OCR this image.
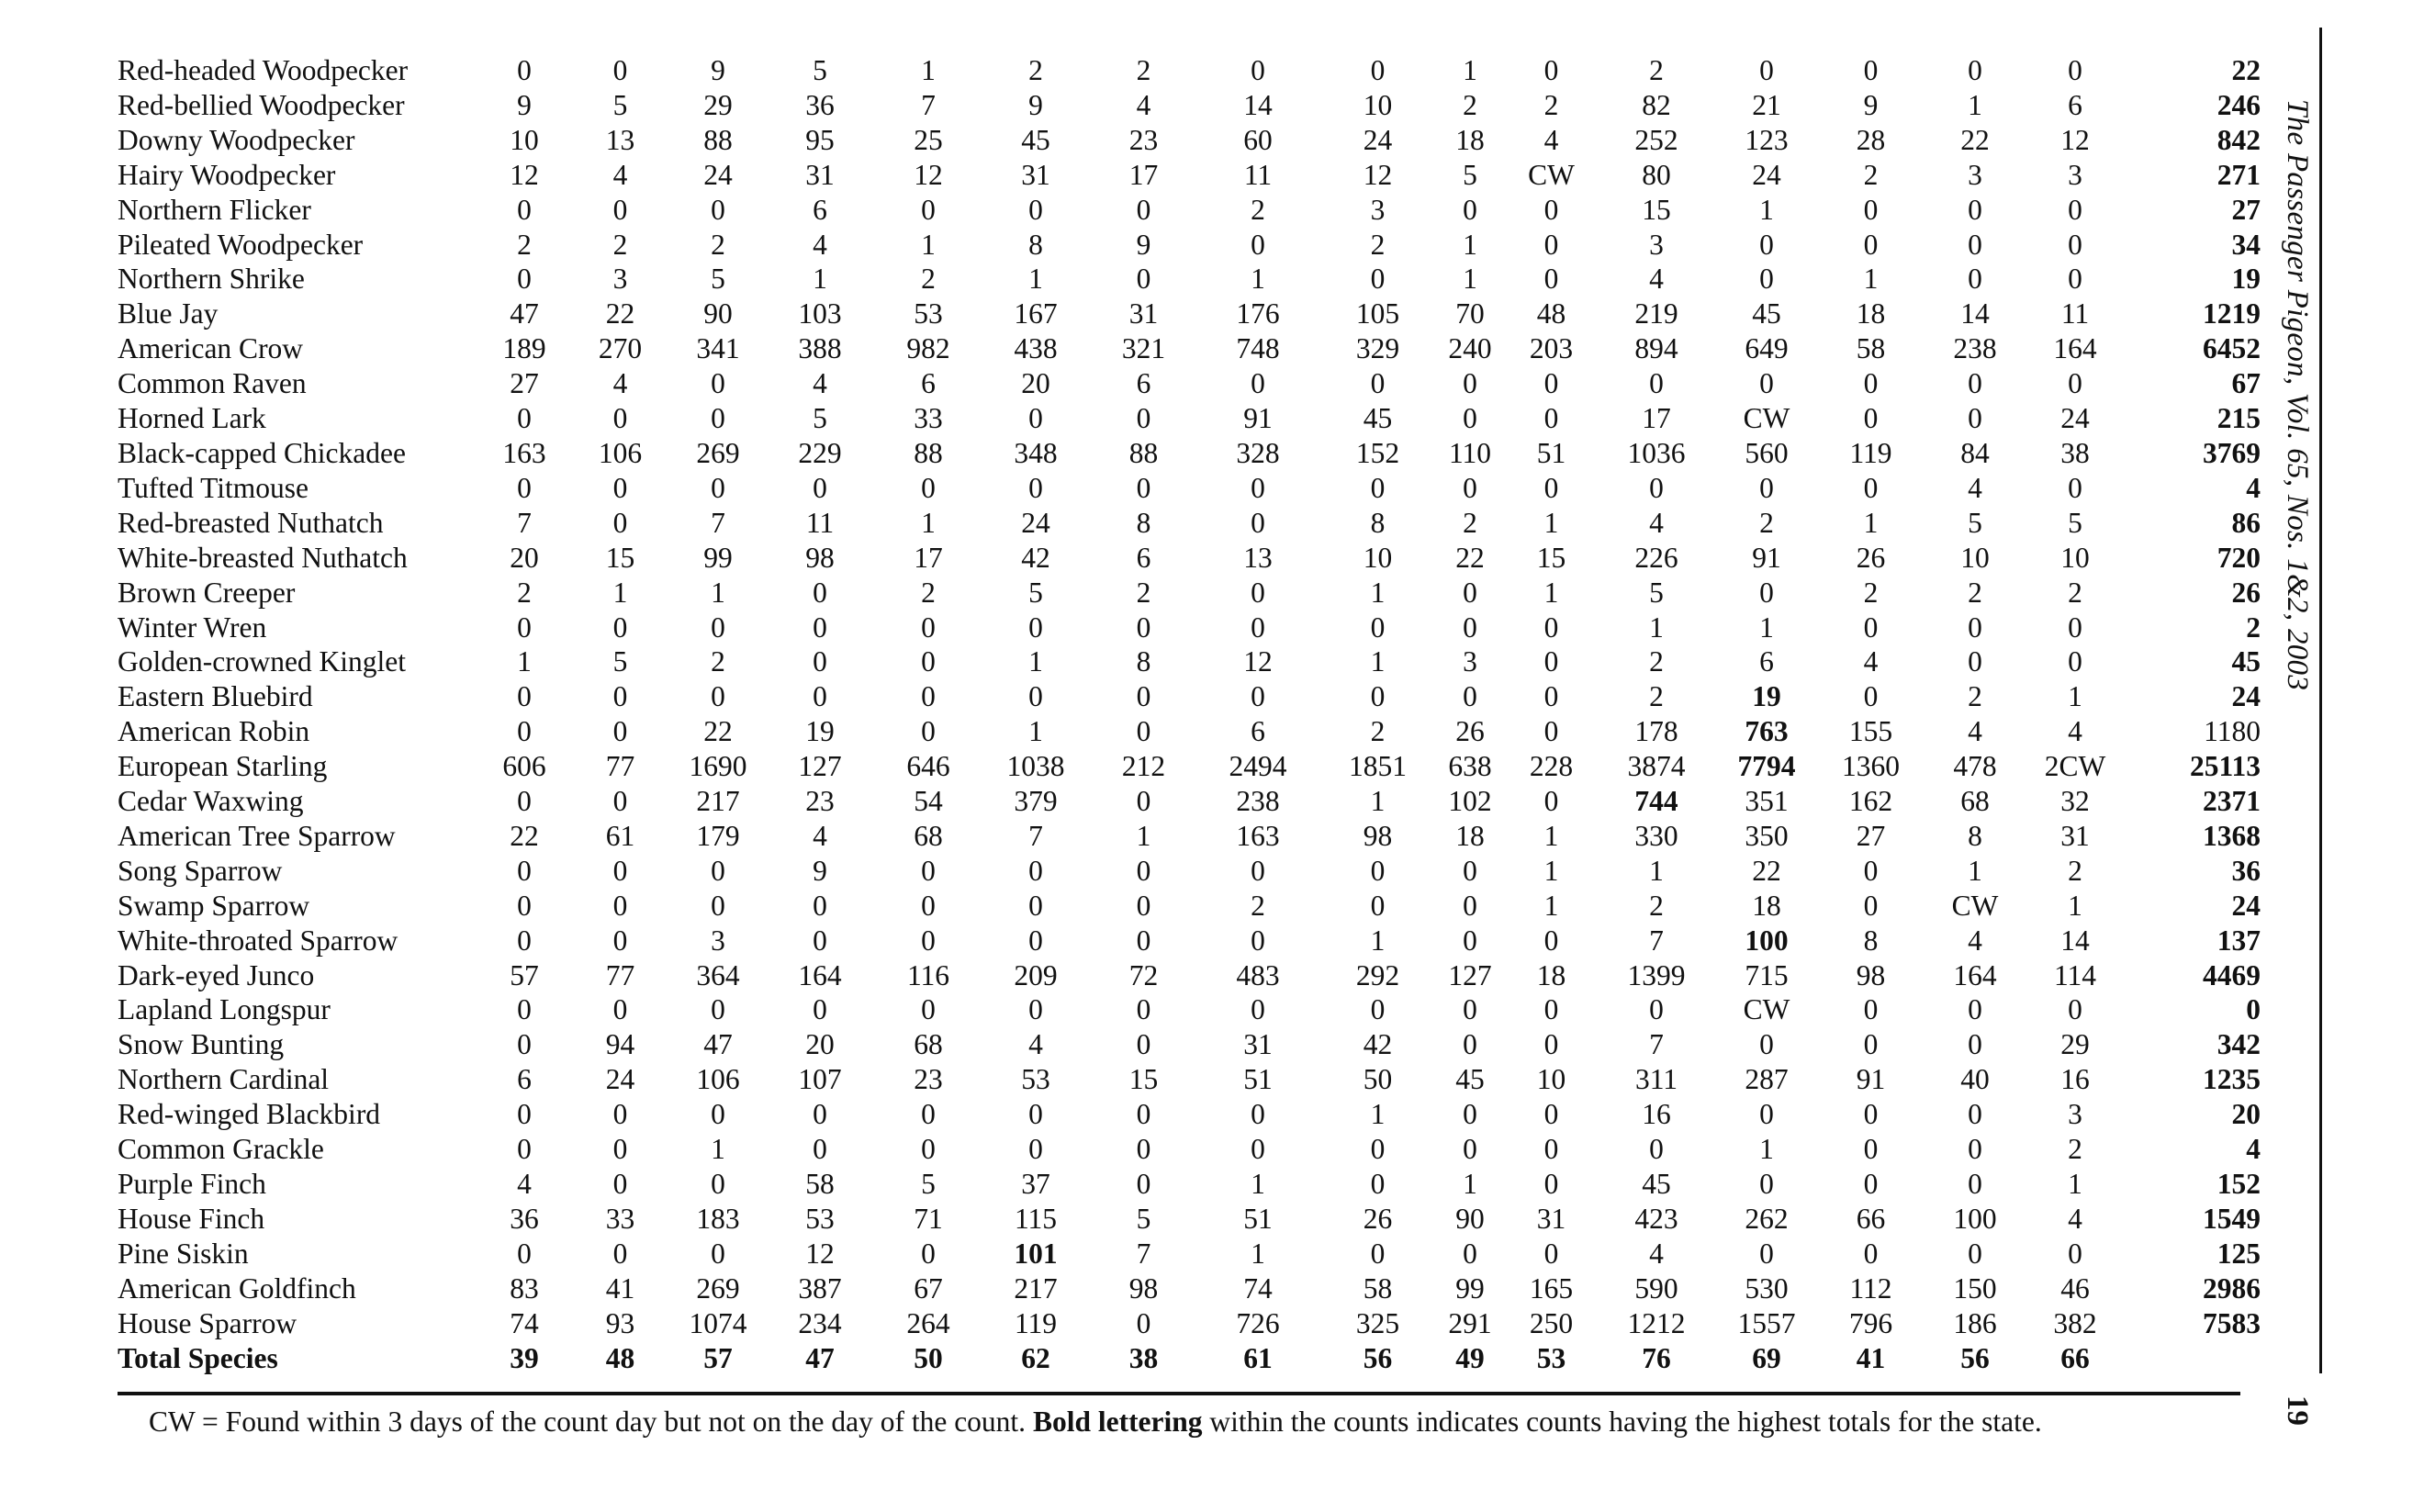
Red-headed Woodpecker	0	0	9	5	1	2	2	0	0	1	0	2	0	0	0	0	22
Red-bellied Woodpecker	9	5	29	36	7	9	4	14	10	2	2	82	21	9	1	6	246
Downy Woodpecker	10	13	88	95	25	45	23	60	24	18	4	252	123	28	22	12	842
Hairy Woodpecker	12	4	24	31	12	31	17	11	12	5	CW	80	24	2	3	3	271
Northern Flicker	0	0	0	6	0	0	0	2	3	0	0	15	1	0	0	0	27
Pileated Woodpecker	2	2	2	4	1	8	9	0	2	1	0	3	0	0	0	0	34
Northern Shrike	0	3	5	1	2	1	0	1	0	1	0	4	0	1	0	0	19
Blue Jay	47	22	90	103	53	167	31	176	105	70	48	219	45	18	14	11	1219
American Crow	189	270	341	388	982	438	321	748	329	240	203	894	649	58	238	164	6452
Common Raven	27	4	0	4	6	20	6	0	0	0	0	0	0	0	0	0	67
Horned Lark	0	0	0	5	33	0	0	91	45	0	0	17	CW	0	0	24	215
Black-capped Chickadee	163	106	269	229	88	348	88	328	152	110	51	1036	560	119	84	38	3769
Tufted Titmouse	0	0	0	0	0	0	0	0	0	0	0	0	0	0	4	0	4
Red-breasted Nuthatch	7	0	7	11	1	24	8	0	8	2	1	4	2	1	5	5	86
White-breasted Nuthatch	20	15	99	98	17	42	6	13	10	22	15	226	91	26	10	10	720
Brown Creeper	2	1	1	0	2	5	2	0	1	0	1	5	0	2	2	2	26
Winter Wren	0	0	0	0	0	0	0	0	0	0	0	1	1	0	0	0	2
Golden-crowned Kinglet	1	5	2	0	0	1	8	12	1	3	0	2	6	4	0	0	45
Eastern Bluebird	0	0	0	0	0	0	0	0	0	0	0	2	19	0	2	1	24
American Robin	0	0	22	19	0	1	0	6	2	26	0	178	763	155	4	4	1180
European Starling	606	77	1690	127	646	1038	212	2494	1851	638	228	3874	7794	1360	478	2CW	25113
Cedar Waxwing	0	0	217	23	54	379	0	238	1	102	0	744	351	162	68	32	2371
American Tree Sparrow	22	61	179	4	68	7	1	163	98	18	1	330	350	27	8	31	1368
Song Sparrow	0	0	0	9	0	0	0	0	0	0	1	1	22	0	1	2	36
Swamp Sparrow	0	0	0	0	0	0	0	2	0	0	1	2	18	0	CW	1	24
White-throated Sparrow	0	0	3	0	0	0	0	0	1	0	0	7	100	8	4	14	137
Dark-eyed Junco	57	77	364	164	116	209	72	483	292	127	18	1399	715	98	164	114	4469
Lapland Longspur	0	0	0	0	0	0	0	0	0	0	0	0	CW	0	0	0	0
Snow Bunting	0	94	47	20	68	4	0	31	42	0	0	7	0	0	0	29	342
Northern Cardinal	6	24	106	107	23	53	15	51	50	45	10	311	287	91	40	16	1235
Red-winged Blackbird	0	0	0	0	0	0	0	0	1	0	0	16	0	0	0	3	20
Common Grackle	0	0	1	0	0	0	0	0	0	0	0	0	1	0	0	2	4
Purple Finch	4	0	0	58	5	37	0	1	0	1	0	45	0	0	0	1	152
House Finch	36	33	183	53	71	115	5	51	26	90	31	423	262	66	100	4	1549
Pine Siskin	0	0	0	12	0	101	7	1	0	0	0	4	0	0	0	0	125
American Goldfinch	83	41	269	387	67	217	98	74	58	99	165	590	530	112	150	46	2986
House Sparrow	74	93	1074	234	264	119	0	726	325	291	250	1212	1557	796	186	382	7583
Total Species	39	48	57	47	50	62	38	61	56	49	53	76	69	41	56	66	
CW = Found within 3 days of the count day but not on the day of the count. Bold lettering within the counts indicates counts having the highest totals for the state.
The Passenger Pigeon, Vol. 65, Nos. 1&2, 2003
19
